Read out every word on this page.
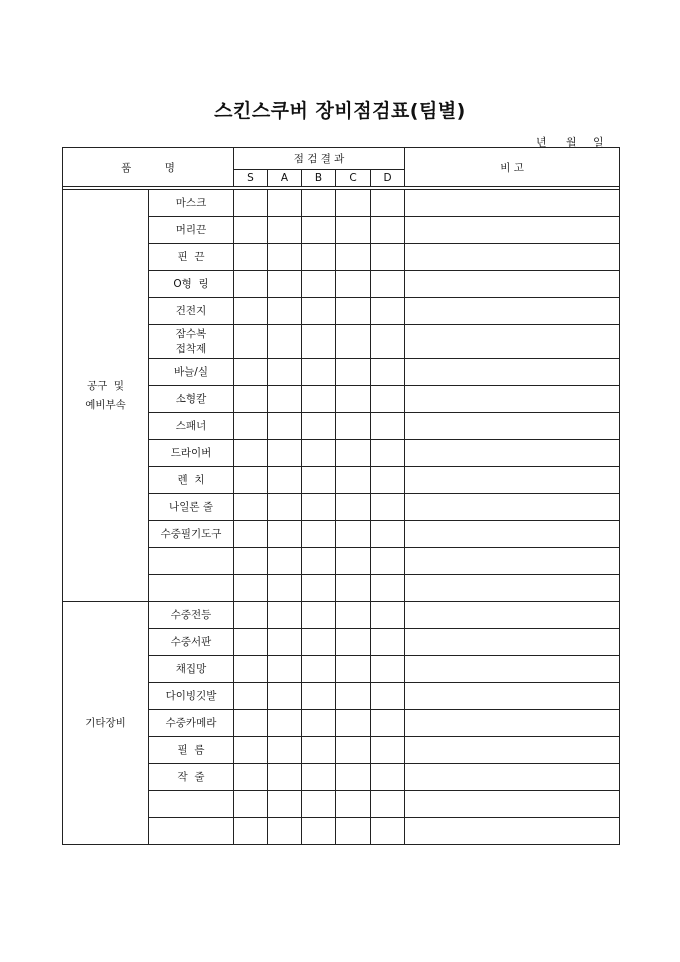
스킨스쿠버 장비점검표(팀별)
년 월 일
품          명		점 검 결 과					비 고
		S	A	B	C	D	

공구  및
예비부속	마스크						
	머리끈						
	핀  끈						
	O형  링						
	건전지						
	잠수복
접착제						
	바늘/실						
	소형칼						
	스패너						
	드라이버						
	렌  치						
	나일론 줄						
	수중필기도구						

기타장비	수중전등						
	수중서판						
	채집망						
	다이빙깃발						
	수중카메라						
	필  름						
	작  줄						
